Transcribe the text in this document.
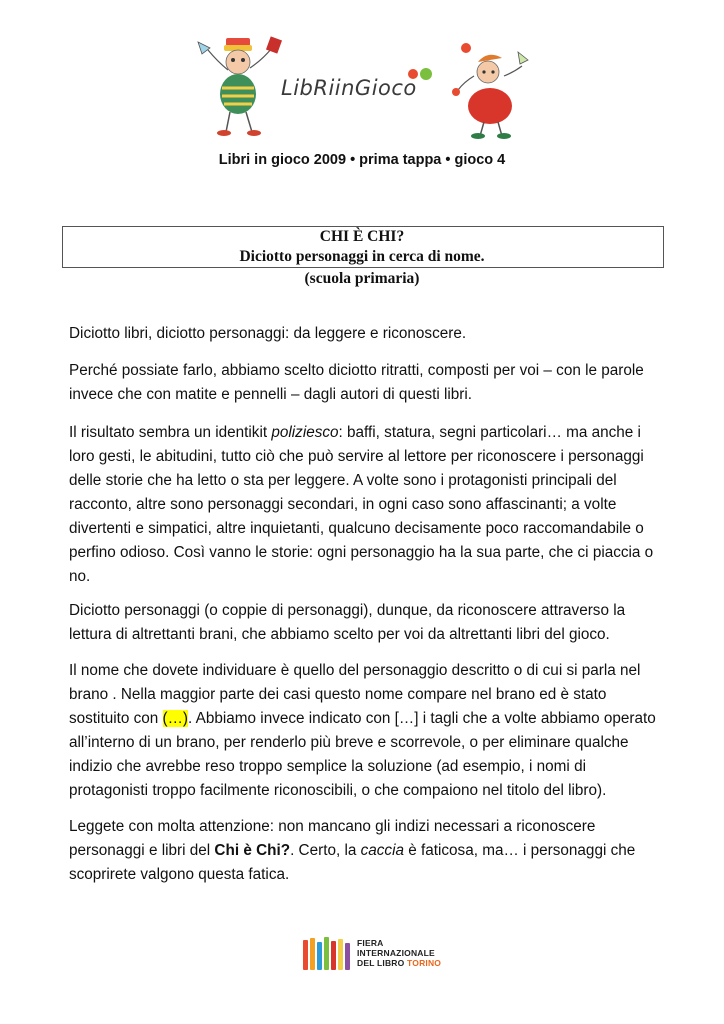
LibRiinGioco
Libri in gioco 2009 • prima tappa • gioco 4
CHI È CHI?
Diciotto personaggi in cerca di nome.
(scuola primaria)

Diciotto libri, diciotto personaggi: da leggere e riconoscere.

Perché possiate farlo, abbiamo scelto diciotto ritratti, composti per voi – con le parole invece che con matite e pennelli – dagli autori di questi libri.

Il risultato sembra un identikit poliziesco: baffi, statura, segni particolari… ma anche i loro gesti, le abitudini, tutto ciò che può servire al lettore per riconoscere i personaggi delle storie che ha letto o sta per leggere. A volte sono i protagonisti principali del racconto, altre sono personaggi secondari, in ogni caso sono affascinanti; a volte divertenti e simpatici, altre inquietanti, qualcuno decisamente poco raccomandabile o perfino odioso. Così vanno le storie: ogni personaggio ha la sua parte, che ci piaccia o no.

Diciotto personaggi (o coppie di personaggi), dunque, da riconoscere attraverso la lettura di altrettanti brani, che abbiamo scelto per voi da altrettanti libri del gioco.

Il nome che dovete individuare è quello del personaggio descritto o di cui si parla nel brano . Nella maggior parte dei casi questo nome compare nel brano ed è stato sostituito con (…). Abbiamo invece indicato con […] i tagli che a volte abbiamo operato all’interno di un brano, per renderlo più breve e scorrevole, o per eliminare qualche indizio che avrebbe reso troppo semplice la soluzione (ad esempio, i nomi di protagonisti troppo facilmente riconoscibili, o che compaiono nel titolo del libro).

Leggete con molta attenzione: non mancano gli indizi necessari a riconoscere personaggi e libri del Chi è Chi?. Certo, la caccia è faticosa, ma… i personaggi che scoprirete valgono questa fatica.

FIERA
INTERNAZIONALE
DEL LIBRO TORINO
